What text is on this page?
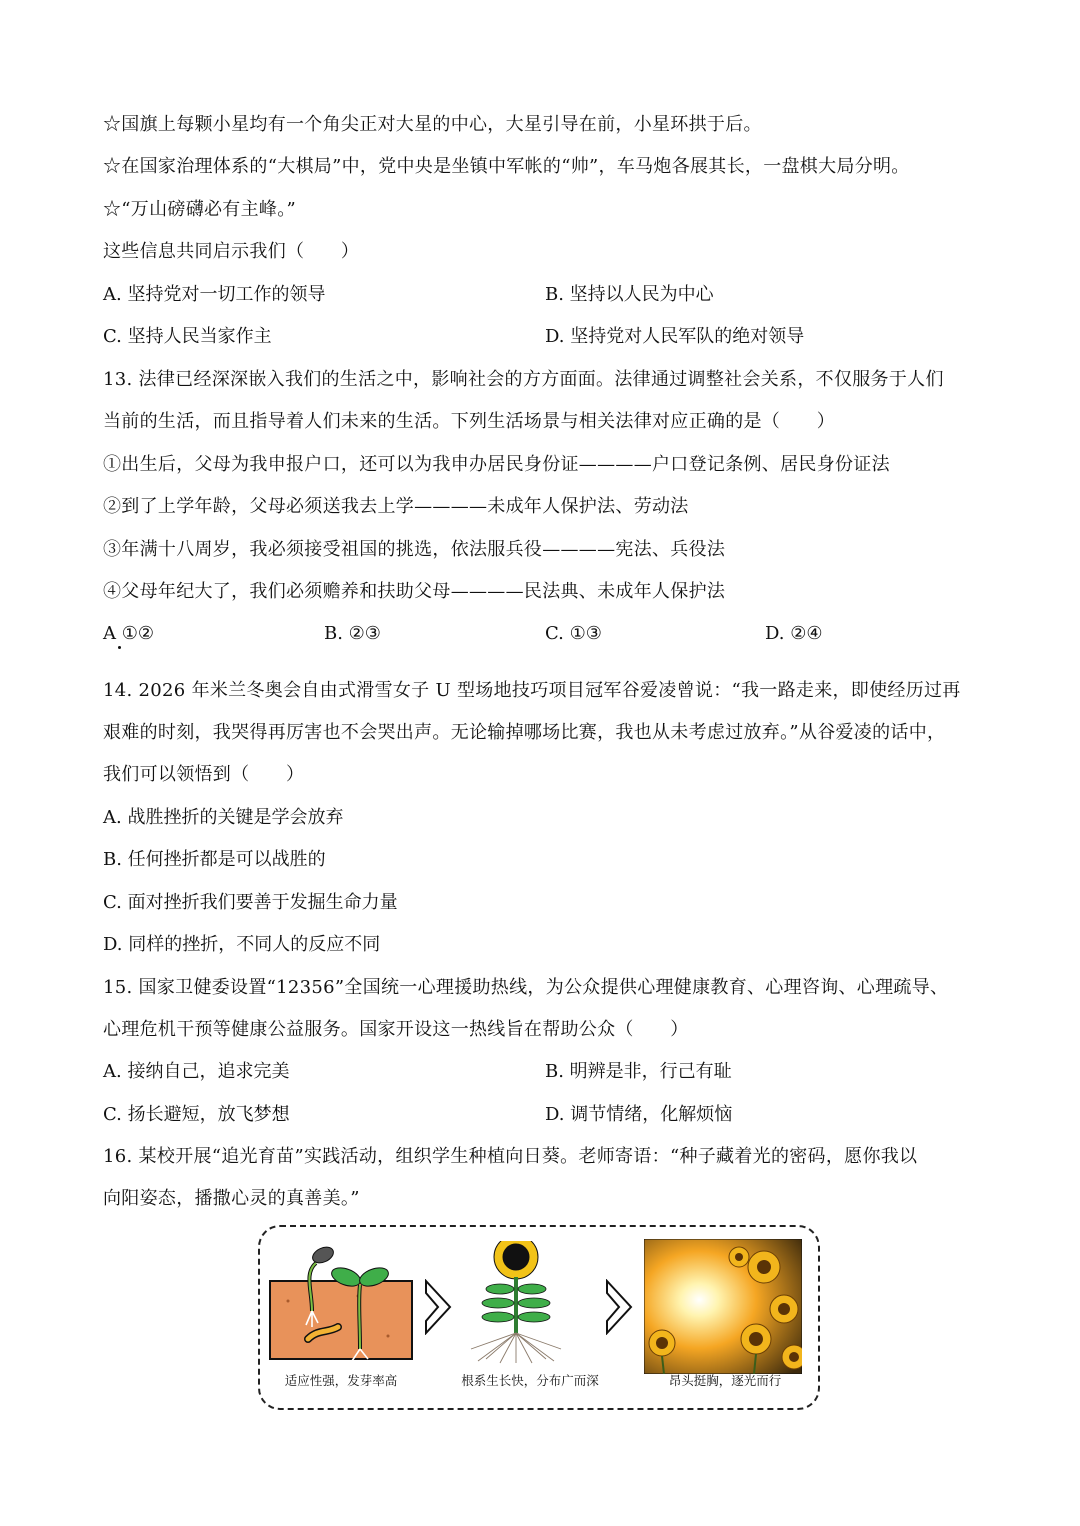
☆国旗上每颗小星均有一个角尖正对大星的中心，大星引导在前，小星环拱于后。
☆在国家治理体系的“大棋局”中，党中央是坐镇中军帐的“帅”，车马炮各展其长，一盘棋大局分明。
☆“万山磅礴必有主峰。”
这些信息共同启示我们（　　）
A. 坚持党对一切工作的领导	B. 坚持以人民为中心
C. 坚持人民当家作主	D. 坚持党对人民军队的绝对领导
13. 法律已经深深嵌入我们的生活之中，影响社会的方方面面。法律通过调整社会关系，不仅服务于人们
当前的生活，而且指导着人们未来的生活。下列生活场景与相关法律对应正确的是（　　）
①出生后，父母为我申报户口，还可以为我申办居民身份证————户口登记条例、居民身份证法
②到了上学年龄，父母必须送我去上学————未成年人保护法、劳动法
③年满十八周岁，我必须接受祖国的挑选，依法服兵役————宪法、兵役法
④父母年纪大了，我们必须赡养和扶助父母————民法典、未成年人保护法
A ①②	B. ②③	C. ①③	D. ②④
14. 2026 年米兰冬奥会自由式滑雪女子 U 型场地技巧项目冠军谷爱凌曾说：“我一路走来，即使经历过再
艰难的时刻，我哭得再厉害也不会哭出声。无论输掉哪场比赛，我也从未考虑过放弃。”从谷爱凌的话中，
我们可以领悟到（　　）
A. 战胜挫折的关键是学会放弃
B. 任何挫折都是可以战胜的
C. 面对挫折我们要善于发掘生命力量
D. 同样的挫折，不同人的反应不同
15. 国家卫健委设置“12356”全国统一心理援助热线，为公众提供心理健康教育、心理咨询、心理疏导、
心理危机干预等健康公益服务。国家开设这一热线旨在帮助公众（　　）
A. 接纳自己，追求完美	B. 明辨是非，行己有耻
C. 扬长避短，放飞梦想	D. 调节情绪，化解烦恼
16. 某校开展“追光育苗”实践活动，组织学生种植向日葵。老师寄语：“种子藏着光的密码，愿你我以
向阳姿态，播撒心灵的真善美。”
适应性强，发芽率高	根系生长快，分布广而深	昂头挺胸，逐光而行
